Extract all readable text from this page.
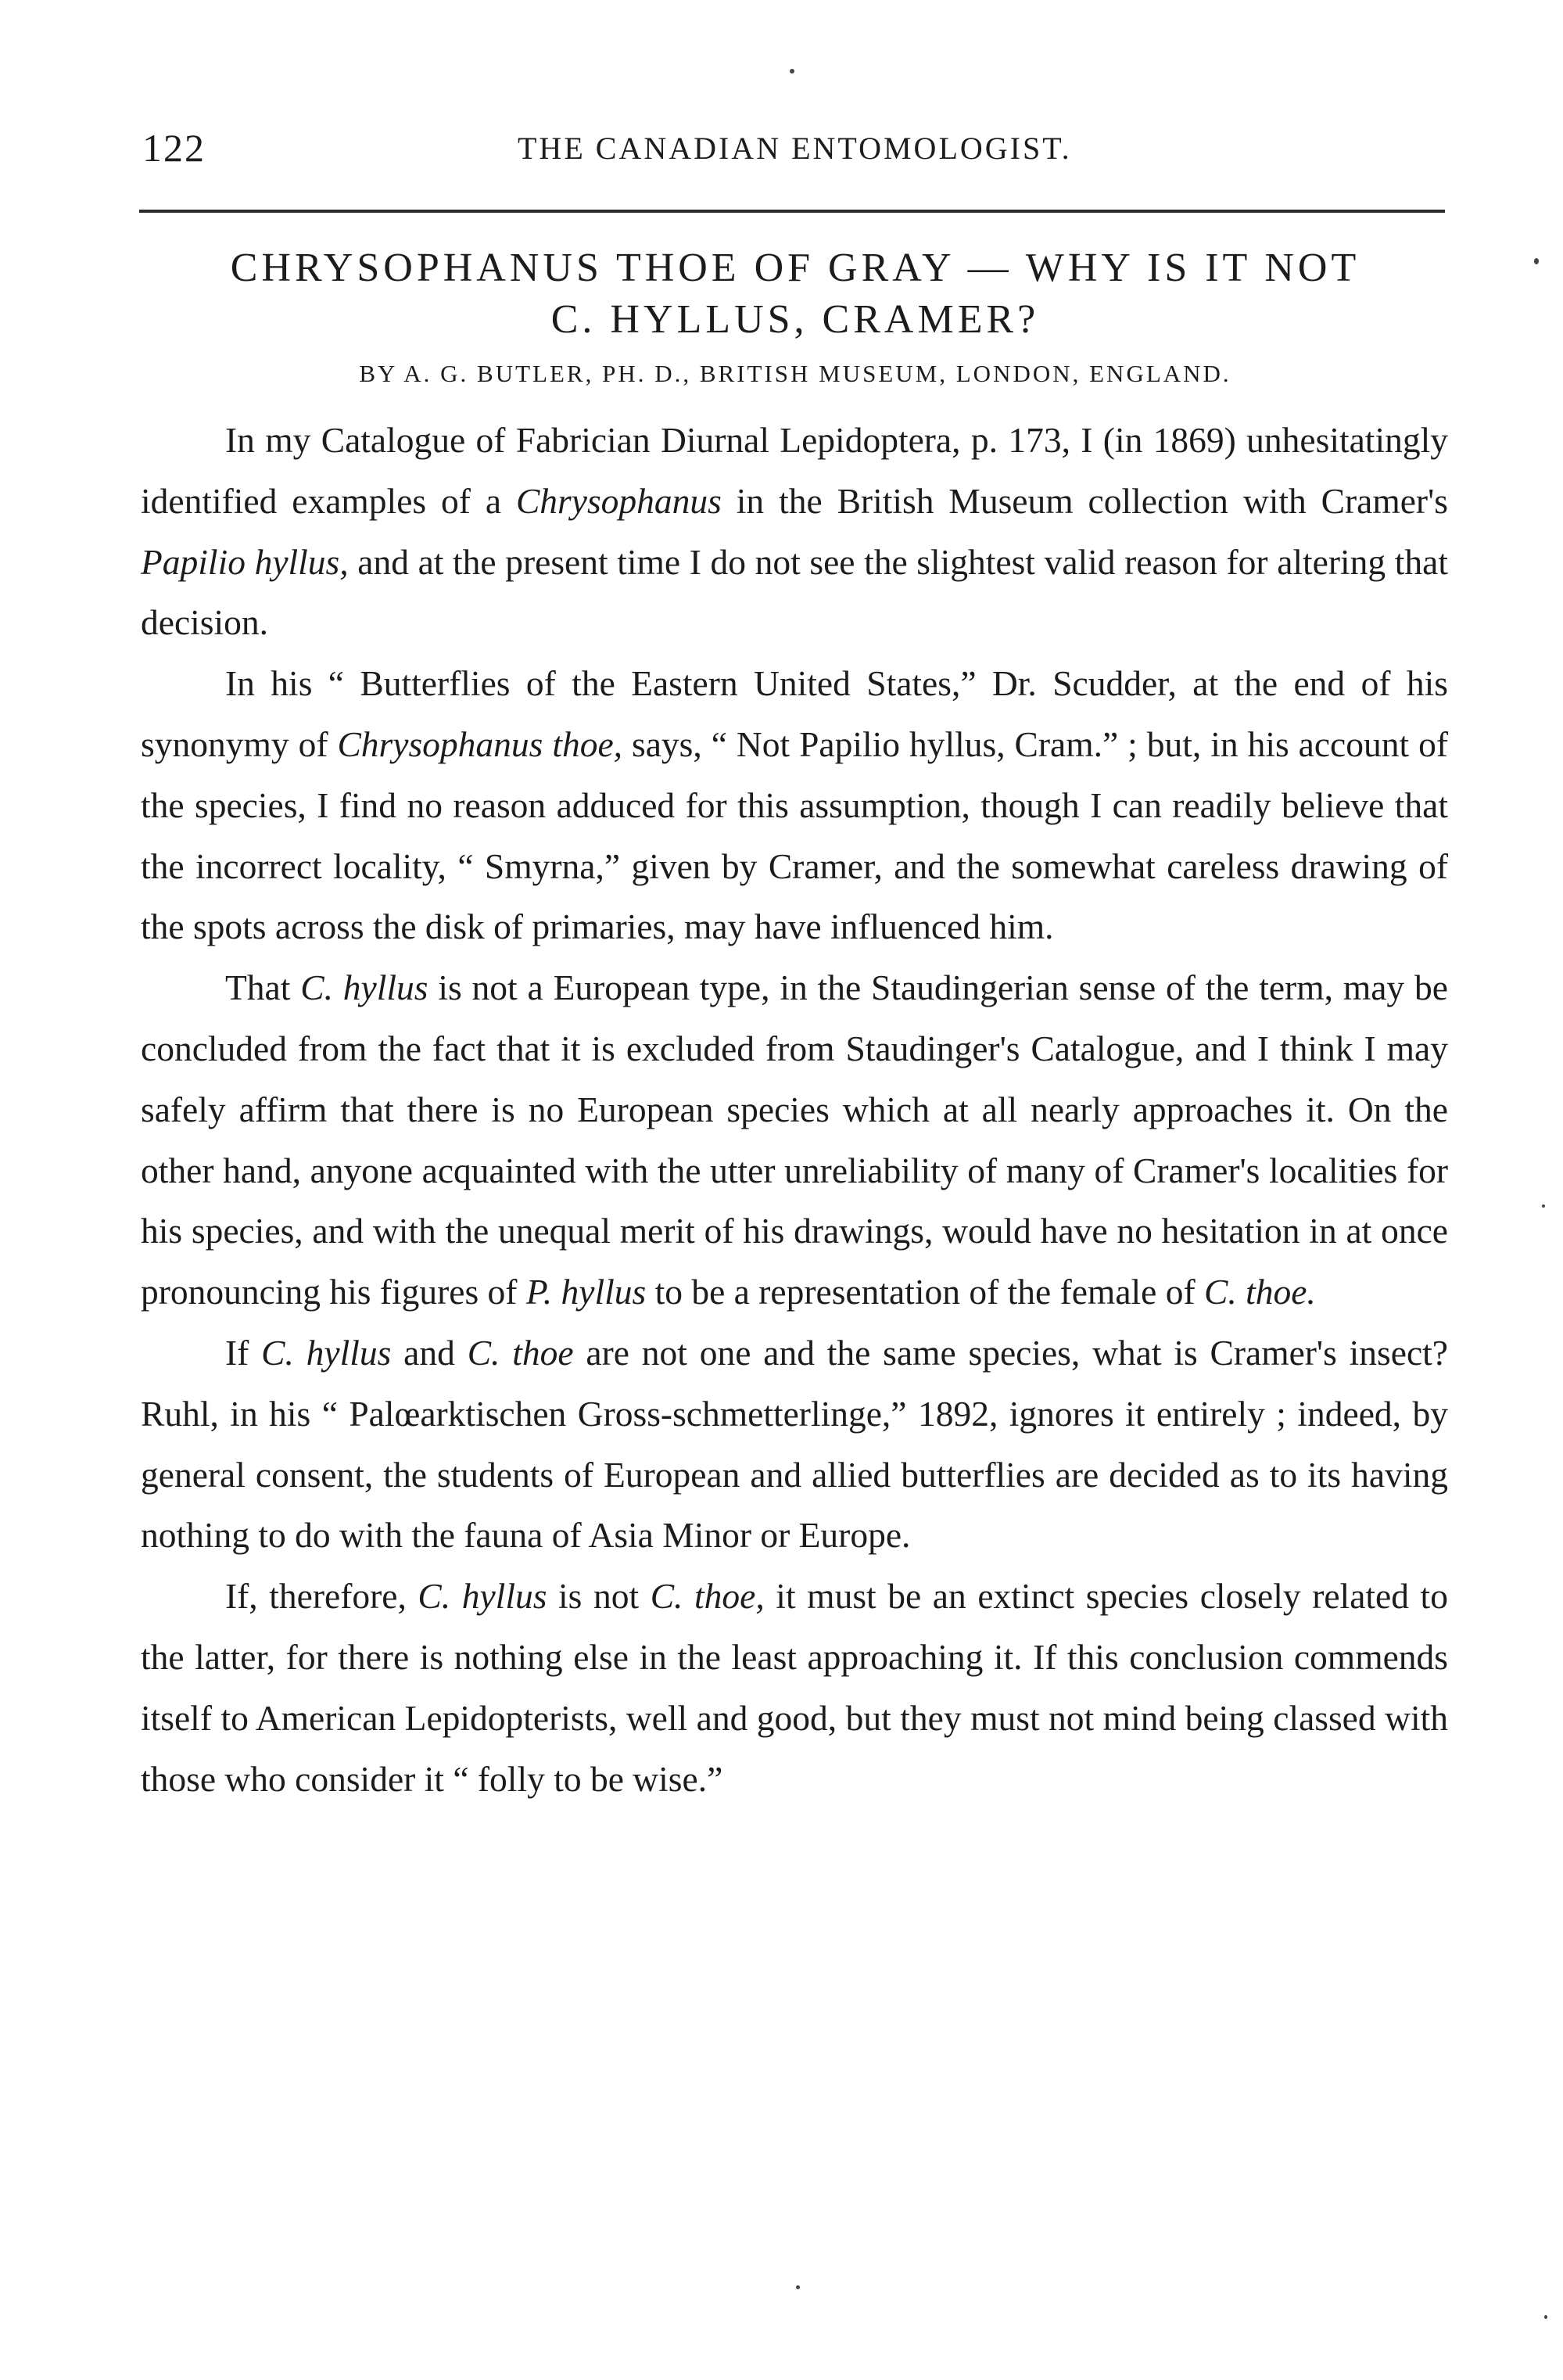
122	THE CANADIAN ENTOMOLOGIST.
CHRYSOPHANUS THOE OF GRAY — WHY IS IT NOT
C. HYLLUS, CRAMER?
BY A. G. BUTLER, PH. D., BRITISH MUSEUM, LONDON, ENGLAND.

In my Catalogue of Fabrician Diurnal Lepidoptera, p. 173, I (in 1869) unhesitatingly identified examples of a Chrysophanus in the British Museum collection with Cramer's Papilio hyllus, and at the present time I do not see the slightest valid reason for altering that decision.

In his “ Butterflies of the Eastern United States,” Dr. Scudder, at the end of his synonymy of Chrysophanus thoe, says, “ Not Papilio hyllus, Cram.” ; but, in his account of the species, I find no reason adduced for this assumption, though I can readily believe that the incorrect locality, “ Smyrna,” given by Cramer, and the somewhat careless drawing of the spots across the disk of primaries, may have influenced him.

That C. hyllus is not a European type, in the Staudingerian sense of the term, may be concluded from the fact that it is excluded from Staudinger's Catalogue, and I think I may safely affirm that there is no European species which at all nearly approaches it. On the other hand, anyone acquainted with the utter unreliability of many of Cramer's localities for his species, and with the unequal merit of his drawings, would have no hesitation in at once pronouncing his figures of P. hyllus to be a representation of the female of C. thoe.

If C. hyllus and C. thoe are not one and the same species, what is Cramer's insect? Ruhl, in his “ Palœarktischen Gross-schmetterlinge,” 1892, ignores it entirely ; indeed, by general consent, the students of European and allied butterflies are decided as to its having nothing to do with the fauna of Asia Minor or Europe.

If, therefore, C. hyllus is not C. thoe, it must be an extinct species closely related to the latter, for there is nothing else in the least approaching it. If this conclusion commends itself to American Lepidopterists, well and good, but they must not mind being classed with those who consider it “ folly to be wise.”
